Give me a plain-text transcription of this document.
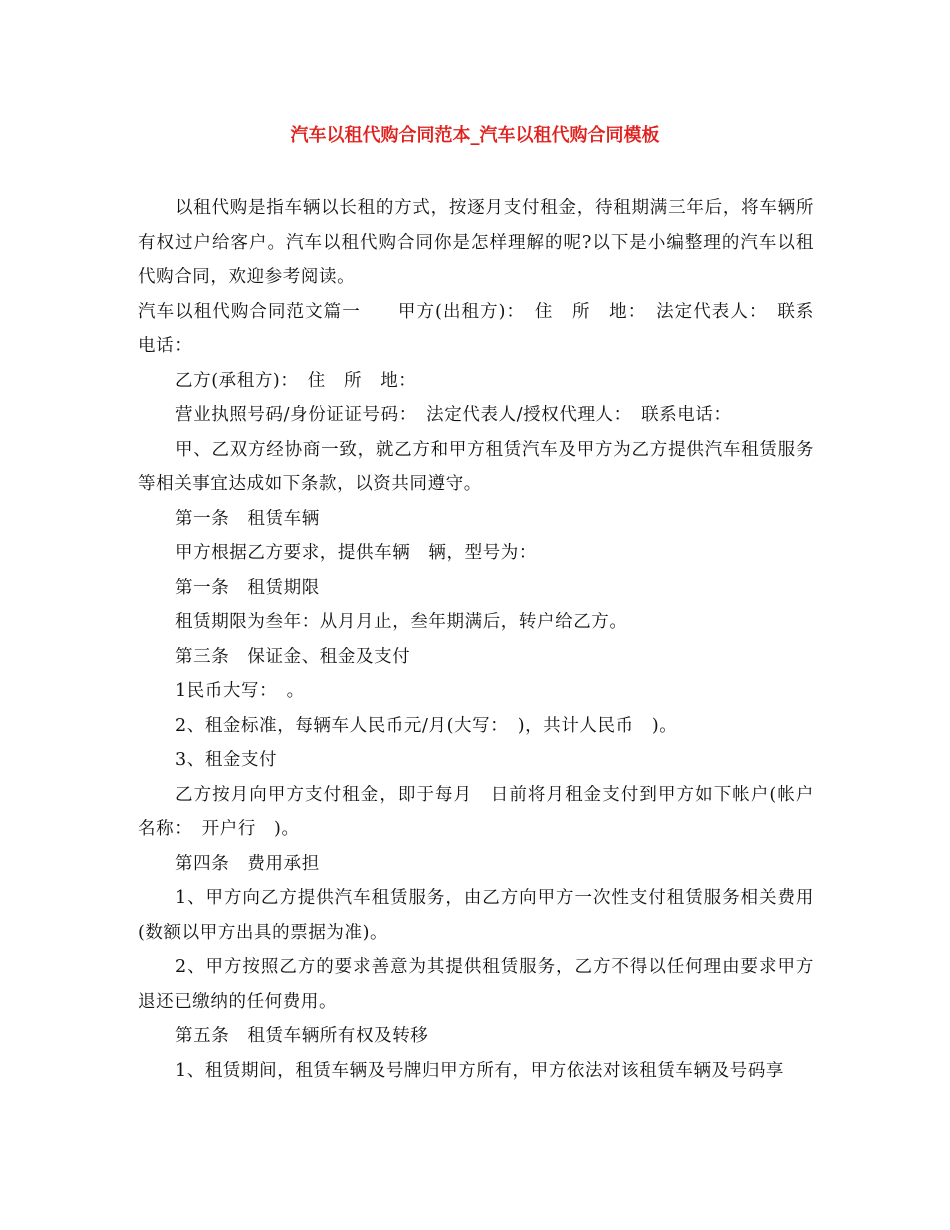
汽车以租代购合同范本_汽车以租代购合同模板

以租代购是指车辆以长租的方式，按逐月支付租金，待租期满三年后，将车辆所有权过户给客户。汽车以租代购合同你是怎样理解的呢?以下是小编整理的汽车以租代购合同，欢迎参考阅读。

汽车以租代购合同范文篇一　　甲方(出租方)：　住　所　地：　法定代表人：　联系电话：

乙方(承租方)：　住　所　地：

营业执照号码/身份证证号码：　法定代表人/授权代理人：　联系电话：

甲、乙双方经协商一致，就乙方和甲方租赁汽车及甲方为乙方提供汽车租赁服务等相关事宜达成如下条款，以资共同遵守。

第一条　租赁车辆

甲方根据乙方要求，提供车辆　辆，型号为：

第一条　租赁期限

租赁期限为叁年：从月月止，叁年期满后，转户给乙方。

第三条　保证金、租金及支付

1民币大写：　。

2、租金标准，每辆车人民币元/月(大写：　)，共计人民币　)。

3、租金支付

乙方按月向甲方支付租金，即于每月　日前将月租金支付到甲方如下帐户(帐户名称：　开户行　)。

第四条　费用承担

1、甲方向乙方提供汽车租赁服务，由乙方向甲方一次性支付租赁服务相关费用(数额以甲方出具的票据为准)。

2、甲方按照乙方的要求善意为其提供租赁服务，乙方不得以任何理由要求甲方退还已缴纳的任何费用。

第五条　租赁车辆所有权及转移

1、租赁期间，租赁车辆及号牌归甲方所有，甲方依法对该租赁车辆及号码享
